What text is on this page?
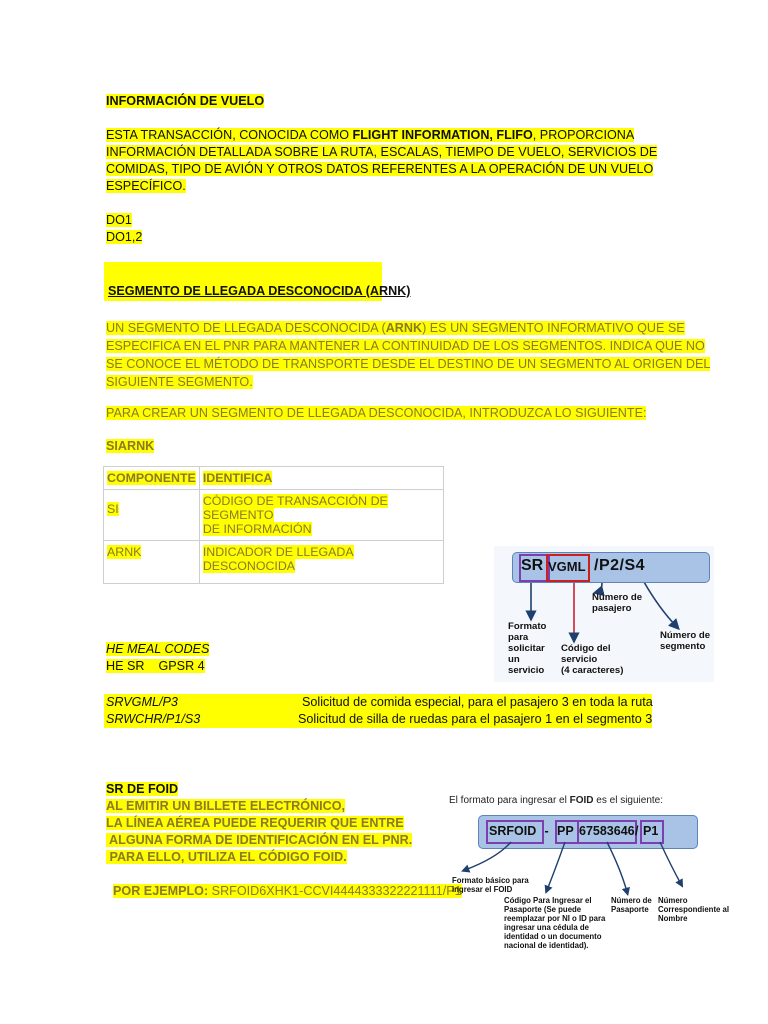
INFORMACIÓN DE VUELO
ESTA TRANSACCIÓN, CONOCIDA COMO FLIGHT INFORMATION, FLIFO, PROPORCIONA
INFORMACIÓN DETALLADA SOBRE LA RUTA, ESCALAS, TIEMPO DE VUELO, SERVICIOS DE
COMIDAS, TIPO DE AVIÓN Y OTROS DATOS REFERENTES A LA OPERACIÓN DE UN VUELO
ESPECÍFICO.
DO1
DO1,2
SEGMENTO DE LLEGADA DESCONOCIDA (ARNK)
UN SEGMENTO DE LLEGADA DESCONOCIDA (ARNK) ES UN SEGMENTO INFORMATIVO QUE SE
ESPECIFICA EN EL PNR PARA MANTENER LA CONTINUIDAD DE LOS SEGMENTOS. INDICA QUE NO
SE CONOCE EL MÉTODO DE TRANSPORTE DESDE EL DESTINO DE UN SEGMENTO AL ORIGEN DEL
SIGUIENTE SEGMENTO.
PARA CREAR UN SEGMENTO DE LLEGADA DESCONOCIDA, INTRODUZCA LO SIGUIENTE:
SIARNK
COMPONENTE	IDENTIFICA
SI	CÓDIGO DE TRANSACCIÓN DE SEGMENTO
DE INFORMACIÓN
ARNK	INDICADOR DE LLEGADA DESCONOCIDA	SR VGML /P2/S4
Formato
para
solicitar
un
servicio
Código del
servicio
(4 caracteres)
Número de
pasajero
Número de
segmento
HE MEAL CODES
HE SR    GPSR 4
SRVGML/P3	Solicitud de comida especial, para el pasajero 3 en toda la ruta
SRWCHR/P1/S3	Solicitud de silla de ruedas para el pasajero 1 en el segmento 3
SR DE FOID
AL EMITIR UN BILLETE ELECTRÓNICO,
LA LÍNEA AÉREA PUEDE REQUERIR QUE ENTRE
ALGUNA FORMA DE IDENTIFICACIÓN EN EL PNR.
PARA ELLO, UTILIZA EL CÓDIGO FOID.

POR EJEMPLO: SRFOID6XHK1-CCVI4444333322221111/P1

El formato para ingresar el FOID es el siguiente:
SRFOID - PP 67583646 / P1
Formato básico para
ingresar el FOID
Código Para Ingresar el
Pasaporte (Se puede
reemplazar por NI o ID para
ingresar una cédula de
identidad o un documento
nacional de identidad).
Número de
Pasaporte
Número
Correspondiente al
Nombre
